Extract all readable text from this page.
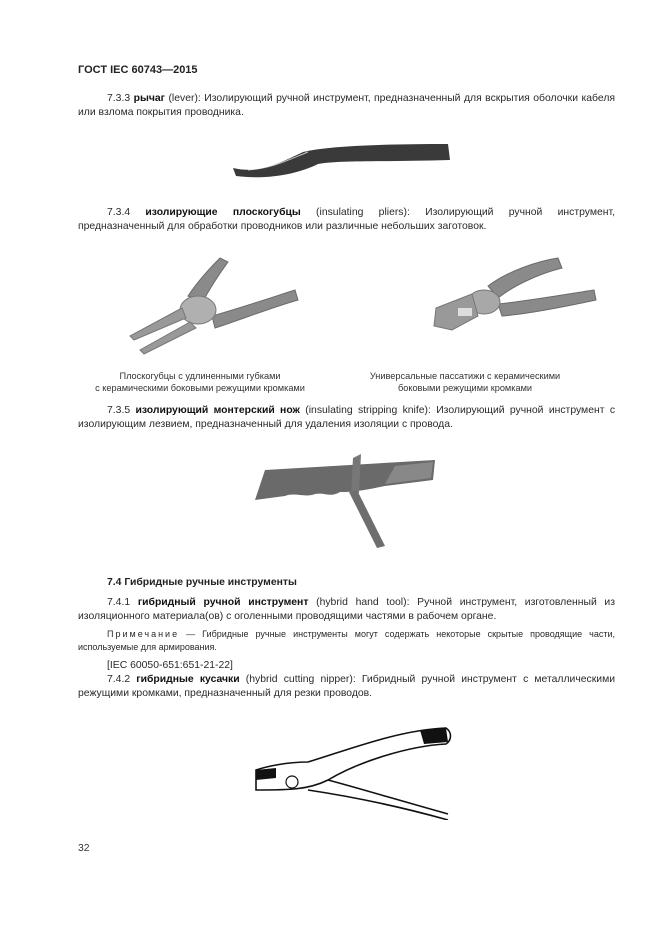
ГОСТ IEC 60743—2015
7.3.3 рычаг (lever): Изолирующий ручной инструмент, предназначенный для вскрытия оболочки кабеля или взлома покрытия проводника.
7.3.4 изолирующие плоскогубцы (insulating pliers): Изолирующий ручной инструмент, предназначенный для обработки проводников или различные небольших заготовок.
Плоскогубцы с удлиненными губками
с керамическими боковыми режущими кромками
Универсальные пассатижи с керамическими
боковыми режущими кромками
7.3.5 изолирующий монтерский нож (insulating stripping knife): Изолирующий ручной инструмент с изолирующим лезвием, предназначенный для удаления изоляции с провода.
7.4 Гибридные ручные инструменты
7.4.1 гибридный ручной инструмент (hybrid hand tool): Ручной инструмент, изготовленный из изоляционного материала(ов) с оголенными проводящими частями в рабочем органе.
Примечание — Гибридные ручные инструменты могут содержать некоторые скрытые проводящие части, используемые для армирования.
[IEC 60050-651:651-21-22]
7.4.2 гибридные кусачки (hybrid cutting nipper): Гибридный ручной инструмент с металлическими режущими кромками, предназначенный для резки проводов.
32
